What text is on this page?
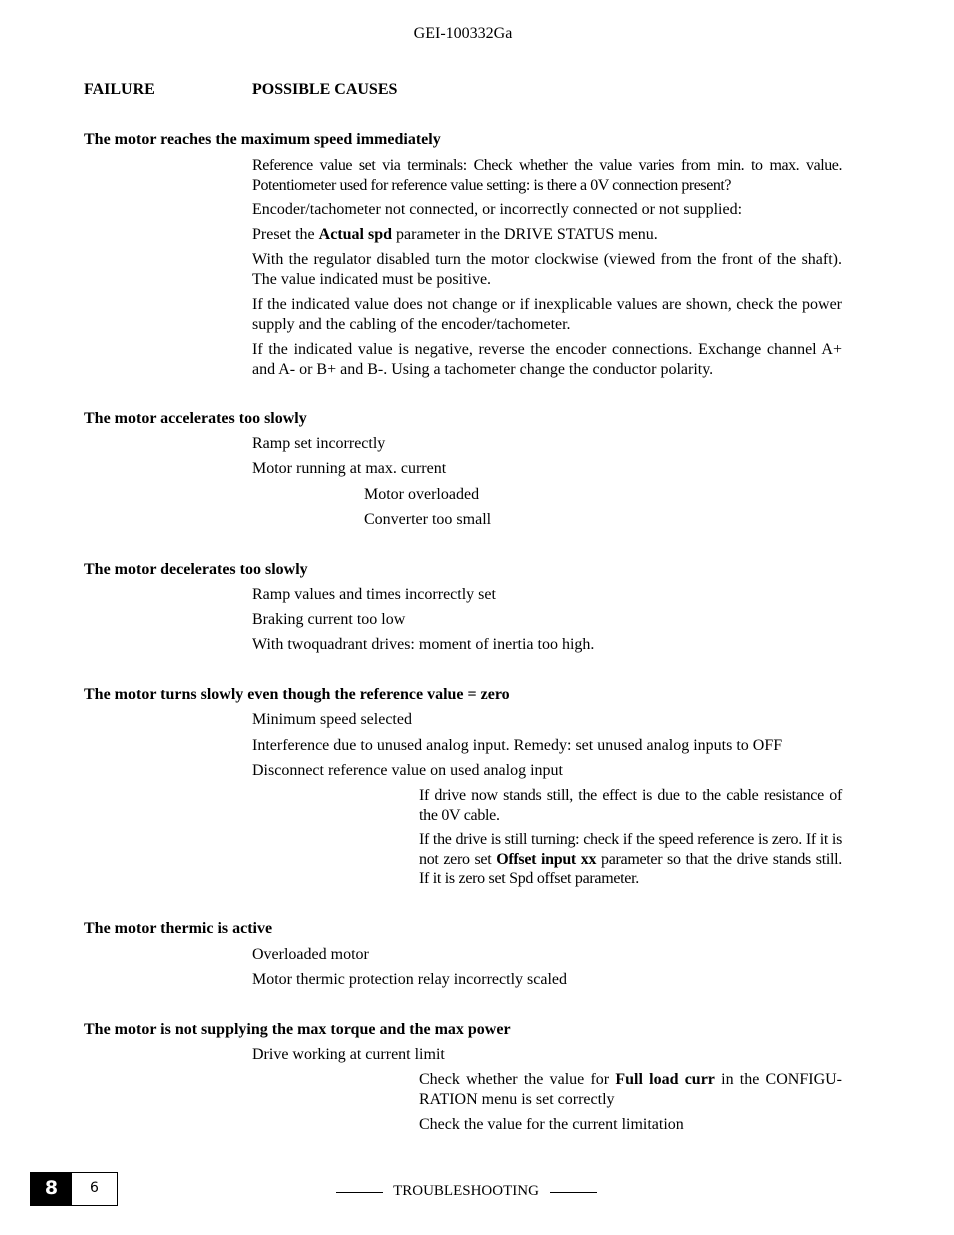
GEI-100332Ga
FAILURE	POSSIBLE CAUSES
The motor reaches the maximum speed immediately
Reference value set via terminals: Check whether the value varies from min. to max. value. Potentiometer used for reference value setting: is there a 0V connection present?
Encoder/tachometer not connected, or incorrectly connected or not supplied:
Preset the Actual spd parameter in the DRIVE STATUS menu.
With the regulator disabled turn the motor clockwise (viewed from the front of the shaft). The value indicated must be positive.
If the indicated value does not change or if inexplicable values are shown, check the power supply and the cabling of the encoder/tachometer.
If the indicated value is negative, reverse the encoder connections. Exchange channel A+ and A- or B+ and B-. Using a tachometer change the conductor polarity.
The motor accelerates too slowly
Ramp set incorrectly
Motor running at max. current
Motor overloaded
Converter too small
The motor decelerates too slowly
Ramp values and times incorrectly set
Braking current too low
With twoquadrant drives: moment of inertia too high.
The motor turns slowly even though the reference value = zero
Minimum speed selected
Interference due to unused analog input. Remedy: set unused analog inputs to OFF
Disconnect reference value on used analog input
If drive now stands still, the effect is due to the cable resistance of the 0V cable.
If the drive is still turning: check if the speed reference is zero. If it is not zero set Offset input xx parameter so that the drive stands still. If it is zero set Spd offset parameter.
The motor thermic is active
Overloaded motor
Motor thermic protection relay incorrectly scaled
The motor is not supplying the max torque and the max power
Drive working at current limit
Check whether the value for Full load curr in the CONFIGU-RATION menu is set correctly
Check the value for the current limitation
8	6	TROUBLESHOOTING
